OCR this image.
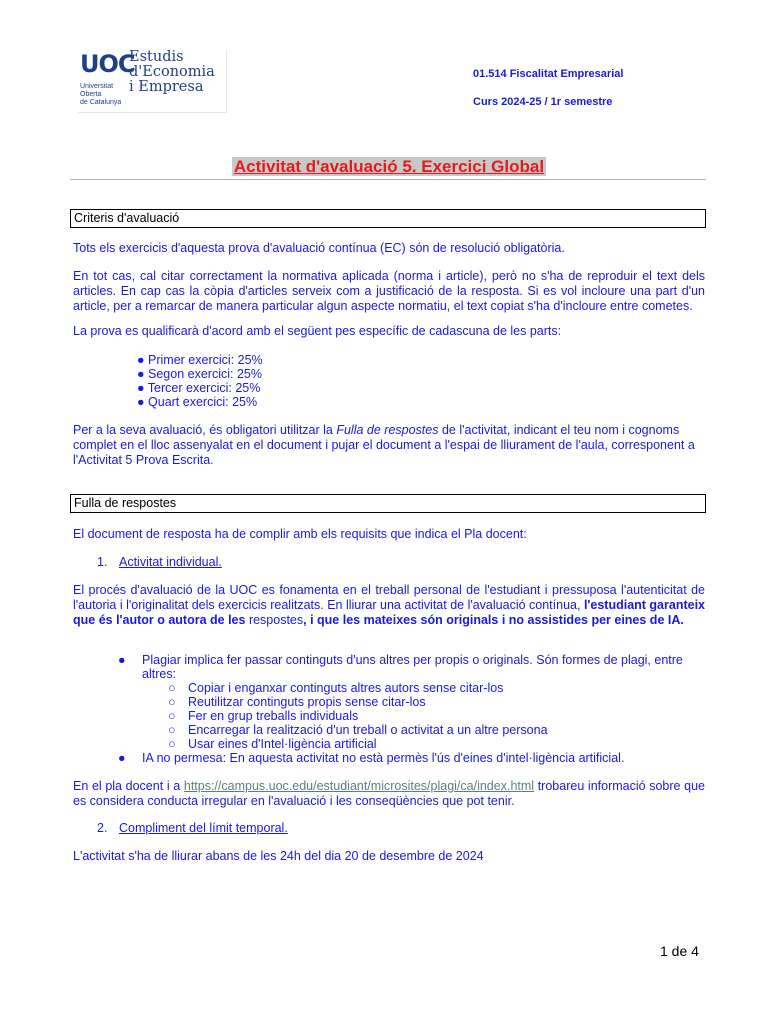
UOC
Estudis
d'Economia
i Empresa
Universitat
Oberta
de Catalunya
01.514 Fiscalitat Empresarial
Curs 2024-25 / 1r semestre
Activitat d'avaluació 5. Exercici Global
Criteris d'avaluació

Tots els exercicis d'aquesta prova d'avaluació contínua (EC) són de resolució obligatòria.

En tot cas, cal citar correctament la normativa aplicada (norma i article), però no s'ha de reproduir el text dels articles. En cap cas la còpia d'articles serveix com a justificació de la resposta. Si es vol incloure una part d'un article, per a remarcar de manera particular algun aspecte normatiu, el text copiat s'ha d'incloure entre cometes.

La prova es qualificarà d'acord amb el següent pes específic de cadascuna de les parts:

● Primer exercici: 25%
● Segon exercici: 25%
● Tercer exercici: 25%
● Quart exercici: 25%

Per a la seva avaluació, és obligatori utilitzar la Fulla de respostes de l'activitat, indicant el teu nom i cognoms complet en el lloc assenyalat en el document i pujar el document a l'espai de lliurament de l'aula, corresponent a l'Activitat 5 Prova Escrita.

Fulla de respostes

El document de resposta ha de complir amb els requisits que indica el Pla docent:

1. Activitat individual.

El procés d'avaluació de la UOC es fonamenta en el treball personal de l'estudiant i pressuposa l'autenticitat de l'autoria i l'originalitat dels exercicis realitzats. En lliurar una activitat de l'avaluació contínua, l'estudiant garanteix que és l'autor o autora de les respostes, i que les mateixes són originals i no assistides per eines de IA.

● Plagiar implica fer passar continguts d'uns altres per propis o originals. Són formes de plagi, entre altres:
○ Copiar i enganxar continguts altres autors sense citar-los
○ Reutilitzar continguts propis sense citar-los
○ Fer en grup treballs individuals
○ Encarregar la realització d'un treball o activitat a un altre persona
○ Usar eines d'Intel·ligència artificial
● IA no permesa: En aquesta activitat no està permès l'ús d'eines d'intel·ligència artificial.

En el pla docent i a https://campus.uoc.edu/estudiant/microsites/plagi/ca/index.html trobareu informació sobre que es considera conducta irregular en l'avaluació i les conseqüències que pot tenir.

2. Compliment del límit temporal.

L'activitat s'ha de lliurar abans de les 24h del dia 20 de desembre de 2024

1 de 4
